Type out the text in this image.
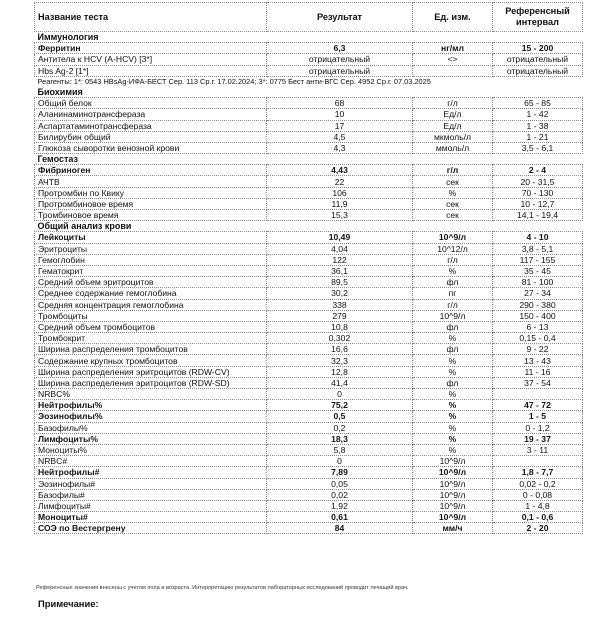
Название теста	Результат	Ед. изм.	Референсный интервал
Иммунология			
Ферритин	6,3	нг/мл	15 - 200
Антитела к HCV (A-HCV) [3*]	отрицательный	<>	отрицательный
Hbs Ag-2 [1*]	отрицательный		отрицательный
Реагенты: 1*: 0543 HBsAg-ИФА-БЕСТ Сер. 113 Ср.г. 17.02.2024; 3*: 0775 Бест анти-ВГС Сер. 4952 Ср.г. 07.03.2025			
Биохимия			
Общий белок	68	г/л	65 - 85
Аланинаминотрансфераза	10	Ед/л	1 - 42
Аспартатаминотрансфераза	17	Ед/л	1 - 38
Билирубин общий	4,5	мкмоль/л	1 - 21
Глюкоза сыворотки венозной крови	4,3	ммоль/л	3,5 - 6,1
Гемостаз			
Фибриноген	4,43	г/л	2 - 4
АЧТВ	22	сек	20 - 31,5
Протромбин по Квику	106	%	70 - 130
Протромбиновое время	11,9	сек	10 - 12,7
Тромбиновое время	15,3	сек	14,1 - 19,4
Общий анализ крови			
Лейкоциты	10,49	10^9/л	4 - 10
Эритроциты	4,04	10^12/л	3,8 - 5,1
Гемоглобин	122	г/л	117 - 155
Гематокрит	36,1	%	35 - 45
Средний объем эритроцитов	89,5	фл	81 - 100
Среднее содержание гемоглобина	30,2	пг	27 - 34
Средняя концентрация гемоглобина	338	г/л	290 - 380
Тромбоциты	279	10^9/л	150 - 400
Средний объем тромбоцитов	10,8	фл	6 - 13
Тромбокрит	0,302	%	0,15 - 0,4
Ширина распределения тромбоцитов	16,6	фл	9 - 22
Содержание крупных тромбоцитов	32,3	%	13 - 43
Ширина распределения эритроцитов (RDW-CV)	12,8	%	11 - 16
Ширина распределения эритроцитов (RDW-SD)	41,4	фл	37 - 54
NRBC%	0	%	
Нейтрофилы%	75,2	%	47 - 72
Эозинофилы%	0,5	%	1 - 5
Базофилы%	0,2	%	0 - 1,2
Лимфоциты%	18,3	%	19 - 37
Моноциты%	5,8	%	3 - 11
NRBC#	0	10^9/л	
Нейтрофилы#	7,89	10^9/л	1,8 - 7,7
Эозинофилы#	0,05	10^9/л	0,02 - 0,2
Базофилы#	0,02	10^9/л	0 - 0,08
Лимфоциты#	1,92	10^9/л	1 - 4,8
Моноциты#	0,61	10^9/л	0,1 - 0,6
СОЭ по Вестергрену	84	мм/ч	2 - 20
Референсные значения внесены с учетом пола и возраста. Интерпретацию результатов лабораторных исследований проводит лечащий врач.
Примечание:
